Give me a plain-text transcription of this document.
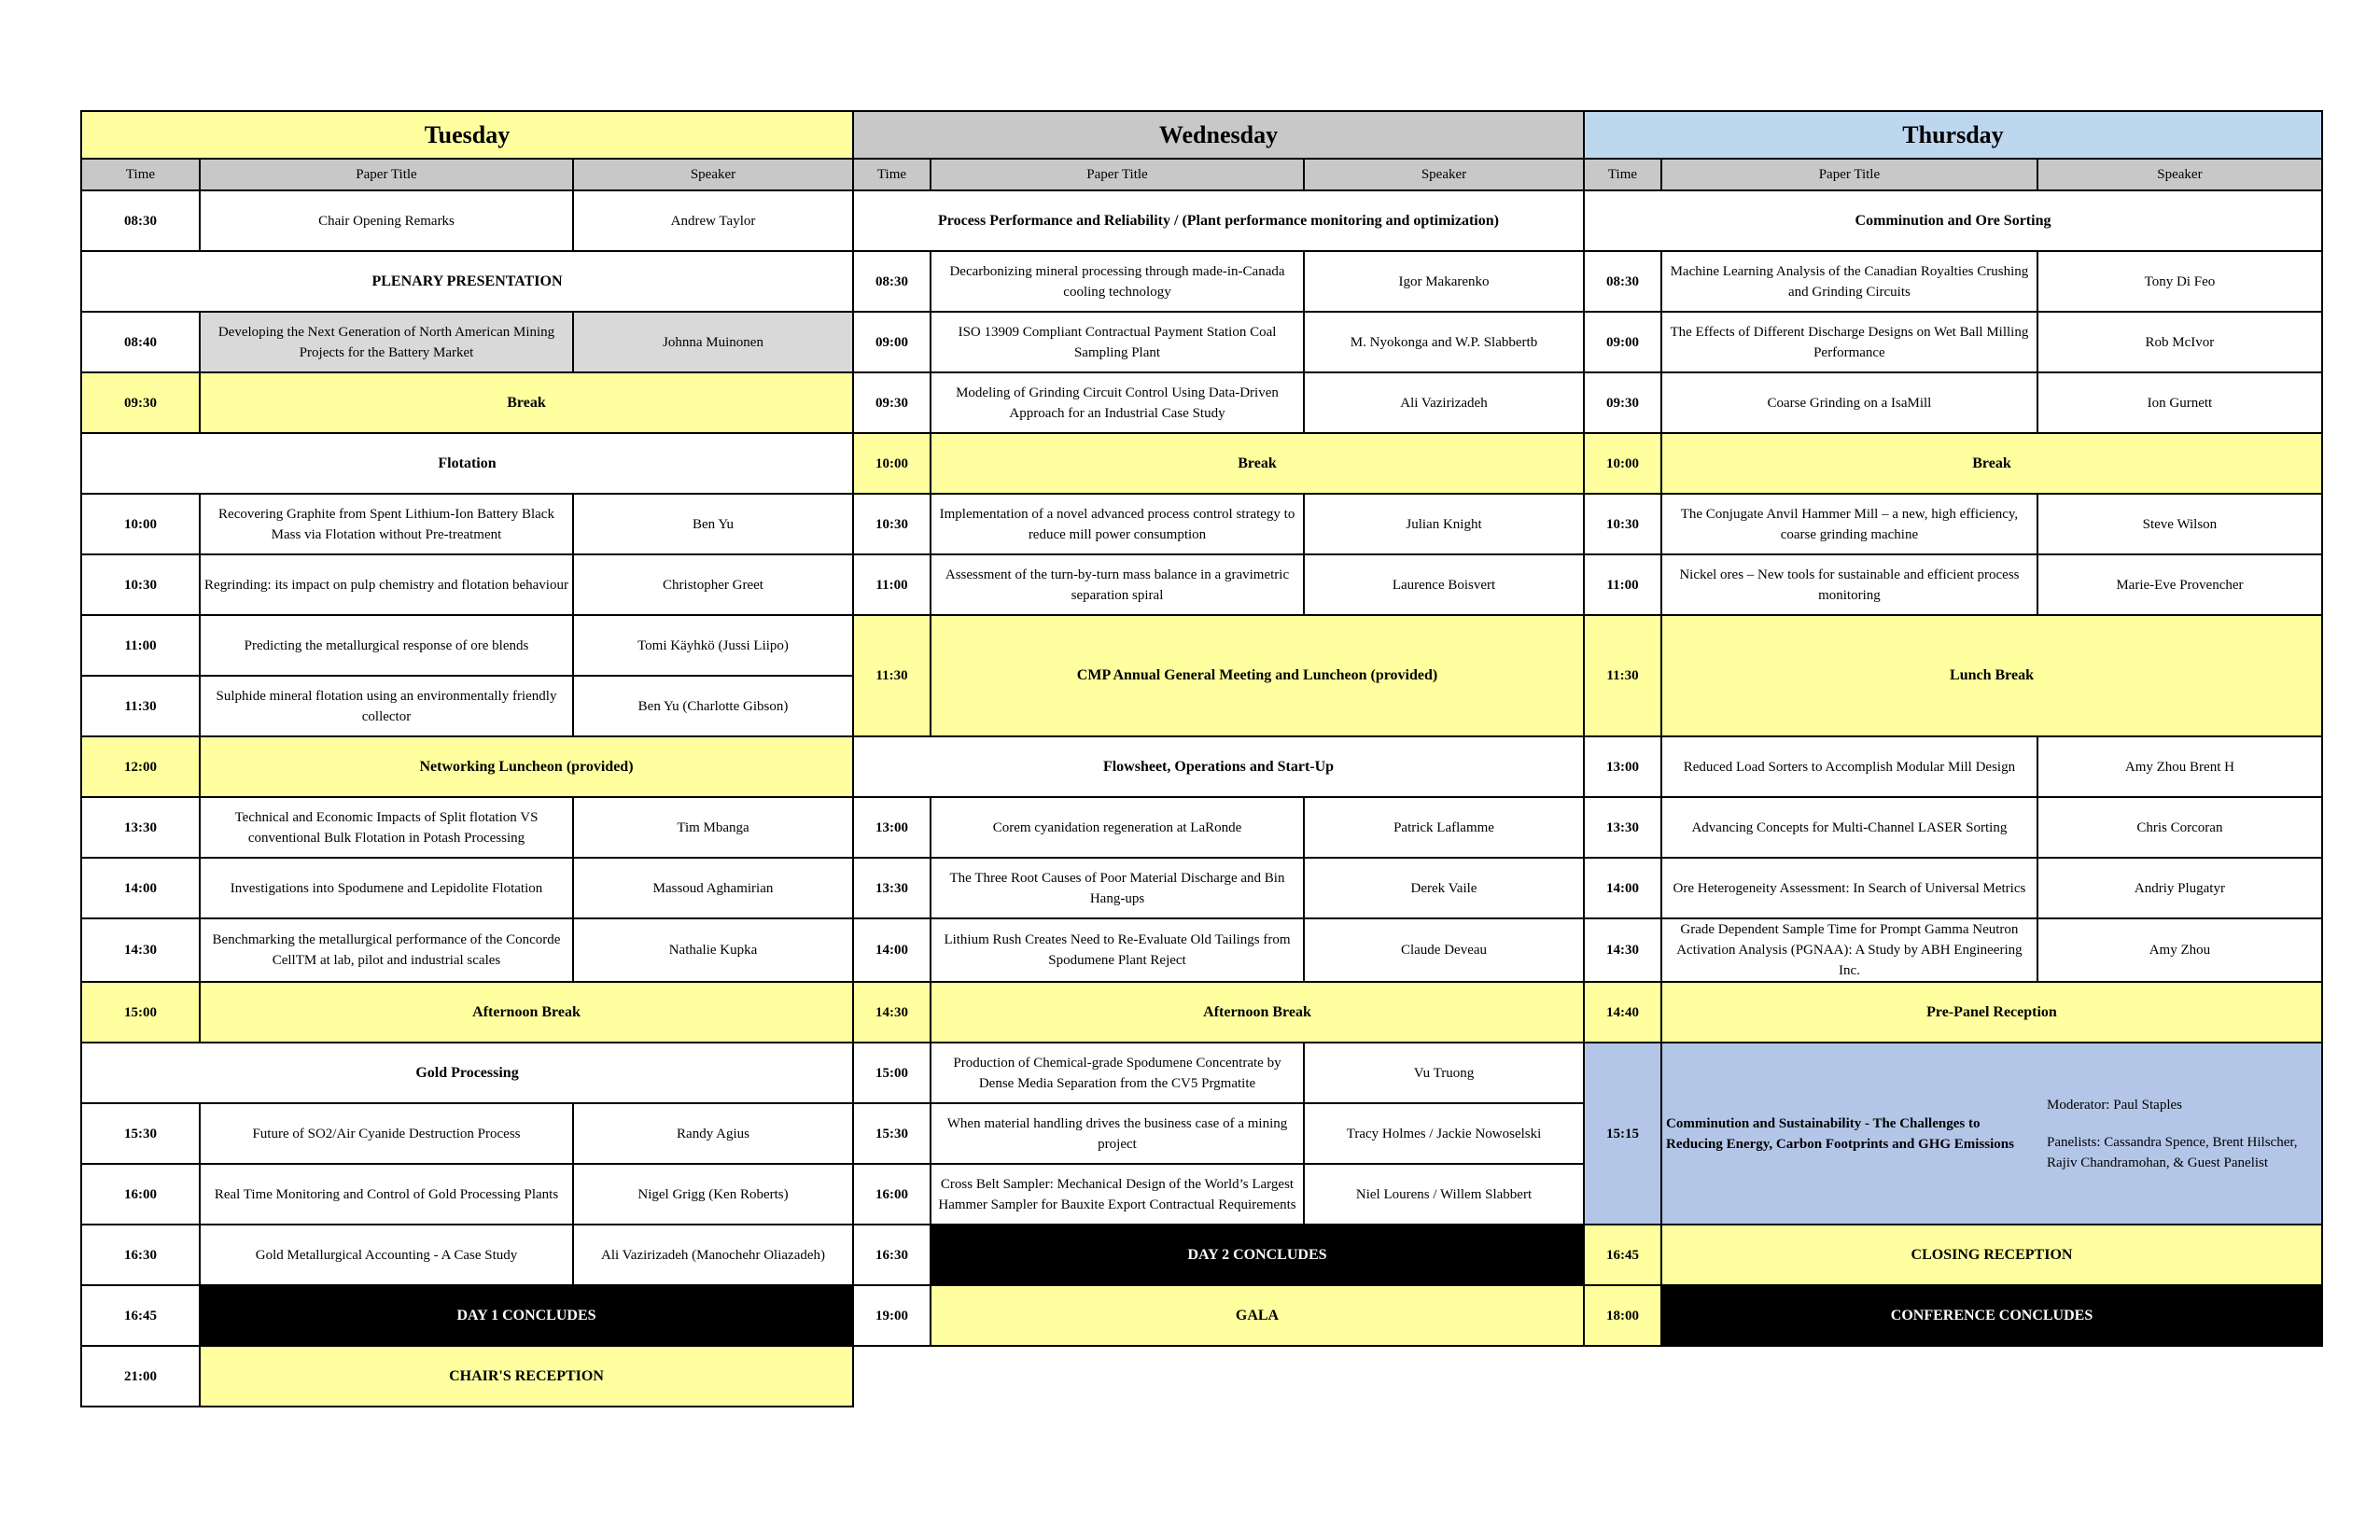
Tuesday			Wednesday			Thursday		
Time	Paper Title	Speaker	Time	Paper Title	Speaker	Time	Paper Title	Speaker
08:30	Chair Opening Remarks	Andrew Taylor	Process Performance and Reliability / (Plant performance monitoring and optimization)			Comminution and Ore Sorting		
PLENARY PRESENTATION			08:30	Decarbonizing mineral processing through made-in-Canada cooling technology	Igor Makarenko	08:30	Machine Learning Analysis of the Canadian Royalties Crushing and Grinding Circuits	Tony Di Feo
08:40	Developing the Next Generation of North American Mining Projects for the Battery Market	Johnna Muinonen	09:00	ISO 13909 Compliant Contractual Payment Station Coal Sampling Plant	M. Nyokonga and W.P. Slabbertb	09:00	The Effects of Different Discharge Designs on Wet Ball Milling Performance	Rob McIvor
09:30	Break		09:30	Modeling of Grinding Circuit Control Using Data-Driven Approach for an Industrial Case Study	Ali Vazirizadeh	09:30	Coarse Grinding on a IsaMill	Ion Gurnett
Flotation			10:00	Break		10:00	Break	
10:00	Recovering Graphite from Spent Lithium-Ion Battery Black Mass via Flotation without Pre-treatment	Ben Yu	10:30	Implementation of a novel advanced process control strategy to reduce mill power consumption	Julian Knight	10:30	The Conjugate Anvil Hammer Mill – a new, high efficiency, coarse grinding machine	Steve Wilson
10:30	Regrinding: its impact on pulp chemistry and flotation behaviour	Christopher Greet	11:00	Assessment of the turn-by-turn mass balance in a gravimetric separation spiral	Laurence Boisvert	11:00	Nickel ores – New tools for sustainable and efficient process monitoring	Marie-Eve Provencher
11:00	Predicting the metallurgical response of ore blends	Tomi Käyhkö (Jussi Liipo)	11:30	CMP Annual General Meeting and Luncheon (provided)		11:30	Lunch Break	
11:30	Sulphide mineral flotation using an environmentally friendly collector	Ben Yu (Charlotte Gibson)						
12:00	Networking Luncheon (provided)		Flowsheet, Operations and Start-Up			13:00	Reduced Load Sorters to Accomplish Modular Mill Design	Amy Zhou Brent H
13:30	Technical and Economic Impacts of Split flotation VS conventional Bulk Flotation in Potash Processing	Tim Mbanga	13:00	Corem cyanidation regeneration at LaRonde	Patrick Laflamme	13:30	Advancing Concepts for Multi-Channel LASER Sorting	Chris Corcoran
14:00	Investigations into Spodumene and Lepidolite Flotation	Massoud Aghamirian	13:30	The Three Root Causes of Poor Material Discharge and Bin Hang-ups	Derek Vaile	14:00	Ore Heterogeneity Assessment: In Search of Universal Metrics	Andriy Plugatyr
14:30	Benchmarking the metallurgical performance of the Concorde CellTM at lab, pilot and industrial scales	Nathalie Kupka	14:00	Lithium Rush Creates Need to Re-Evaluate Old Tailings from Spodumene Plant Reject	Claude Deveau	14:30	Grade Dependent Sample Time for Prompt Gamma Neutron Activation Analysis (PGNAA): A Study by ABH Engineering Inc.	Amy Zhou
15:00	Afternoon Break		14:30	Afternoon Break		14:40	Pre-Panel Reception	
Gold Processing			15:00	Production of Chemical-grade Spodumene Concentrate by Dense Media Separation from the CV5 Prgmatite	Vu Truong	15:15	Comminution and Sustainability - The Challenges to Reducing Energy, Carbon Footprints and GHG Emissions
Moderator: Paul Staples
Panelists: Cassandra Spence, Brent Hilscher, Rajiv Chandramohan, & Guest Panelist	

15:30	Future of SO2/Air Cyanide Destruction Process	Randy Agius	15:30	When material handling drives the business case of a mining project	Tracy Holmes / Jackie Nowoselski			
16:00	Real Time Monitoring and Control of Gold Processing Plants	Nigel Grigg (Ken Roberts)	16:00	Cross Belt Sampler: Mechanical Design of the World’s Largest Hammer Sampler for Bauxite Export Contractual Requirements	Niel Lourens / Willem Slabbert			
16:30	Gold Metallurgical Accounting - A Case Study	Ali Vazirizadeh (Manochehr Oliazadeh)	16:30	DAY 2 CONCLUDES		16:45	CLOSING RECEPTION	
16:45	DAY 1 CONCLUDES		19:00	GALA		18:00	CONFERENCE CONCLUDES	
21:00	CHAIR'S RECEPTION							
